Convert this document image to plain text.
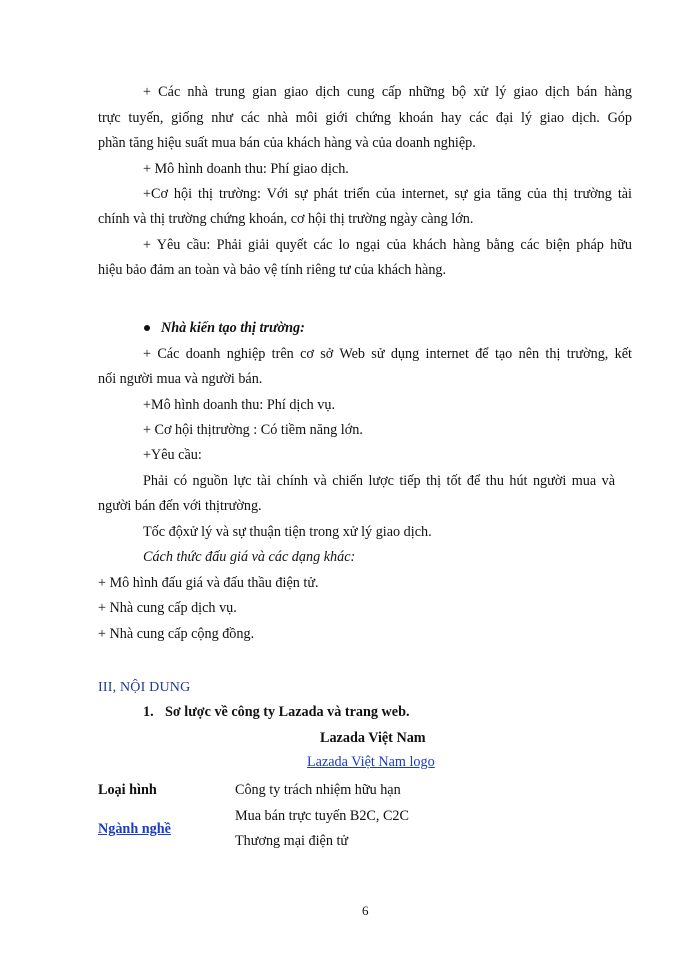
+ Các nhà trung gian giao dịch cung cấp những bộ xử lý giao dịch bán hàng
trực tuyến, giống như các nhà môi giới chứng khoán hay các đại lý giao dịch. Góp
phần tăng hiệu suất mua bán của khách hàng và của doanh nghiệp.
+ Mô hình doanh thu: Phí giao dịch.
+Cơ hội thị trường: Với sự phát triển của internet, sự gia tăng của thị trường tài
chính và thị trường chứng khoán, cơ hội thị trường ngày càng lớn.
+ Yêu cầu: Phải giải quyết các lo ngại của khách hàng bằng các biện pháp hữu
hiệu bảo đảm an toàn và bảo vệ tính riêng tư của khách hàng.
Nhà kiến tạo thị trường:
+ Các doanh nghiệp trên cơ sở Web sử dụng internet để tạo nên thị trường, kết
nối người mua và người bán.
+Mô hình doanh thu: Phí dịch vụ.
+ Cơ hội thịtrường : Có tiềm năng lớn.
+Yêu cầu:
Phải có nguồn lực tài chính và chiến lược tiếp thị tốt để thu hút người mua và
người bán đến với thịtrường.
Tốc độxử lý và sự thuận tiện trong xử lý giao dịch.
Cách thức đấu giá và các dạng khác:
+ Mô hình đấu giá và đấu thầu điện tử.
+ Nhà cung cấp dịch vụ.
+ Nhà cung cấp cộng đồng.
III, NỘI DUNG
1. Sơ lược về công ty Lazada và trang web.
Lazada Việt Nam
Lazada Việt Nam logo
Loại hình	Công ty trách nhiệm hữu hạn
Ngành nghề
Mua bán trực tuyến B2C, C2C
Thương mại điện tử
6
